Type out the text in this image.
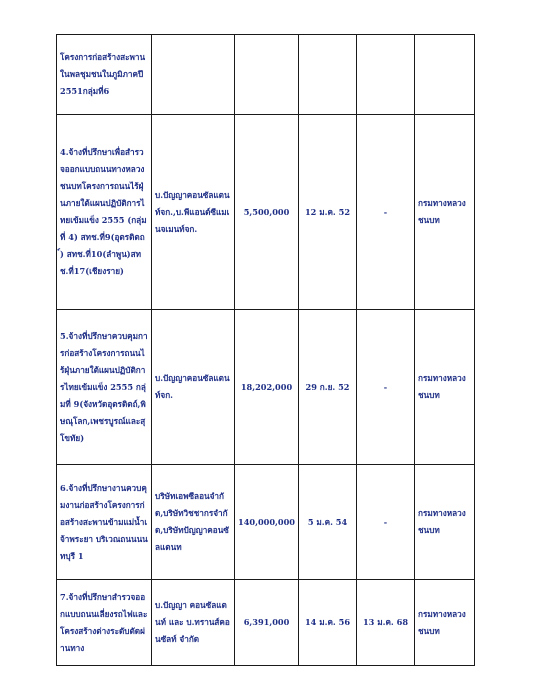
โครงการก่อสร้างสะพานในพลชุมชนในภูมิภาคปี2551กลุ่มที่6					
4.จ้างที่ปรึกษาเพื่อสำรวจออกแบบถนนทางหลวงชนบทโครงการถนนไร้ฝุ่นภายใต้แผนปฏิบัติการไทยเข้มแข็ง 2555 (กลุ่มที่ 4) สทช.ที่9(อุตรดิตถ์) สทช.ที่10(ลำพูน)สทช.ที่17(เชียงราย)	บ.ปัญญาคอนซัลแตนท์จก.,บ.พีแอนด์ซีแมเนจเมนท์จก.	5,500,000	12 ม.ค. 52	-	กรมทางหลวงชนบท
5.จ้างที่ปรึกษาควบคุมการก่อสร้างโครงการถนนไร้ฝุ่นภายใต้แผนปฏิบัติการไทยเข้มแข็ง 2555 กลุ่มที่ 9(จังหวัดอุตรดิตถ์,พิษณุโลก,เพชรบูรณ์และสุโขทัย)	บ.ปัญญาคอนซัลแตนท์จก.	18,202,000	29 ก.ย. 52	-	กรมทางหลวงชนบท
6.จ้างที่ปรึกษางานควบคุมงานก่อสร้างโครงการก่อสร้างสะพานข้ามแม่น้ำเจ้าพระยา บริเวณถนนนนทบุรี 1	บริษัทเอพซีลอนจำกัด,บริษัทวิชชากรจำกัด,บริษัทปัญญาคอนซัลแตนท	140,000,000	5 ม.ค. 54	-	กรมทางหลวงชนบท
7.จ้างที่ปรึกษาสำรวจออกแบบถนนเลี่ยงรถไฟและโครงสร้างต่างระดับตัดผ่านทาง	บ.ปัญญา คอนซัลแตนท์ และ บ.ทรานส์คอนซัลท์ จำกัด	6,391,000	14 ม.ค. 56	13 ม.ค. 68	กรมทางหลวงชนบท
